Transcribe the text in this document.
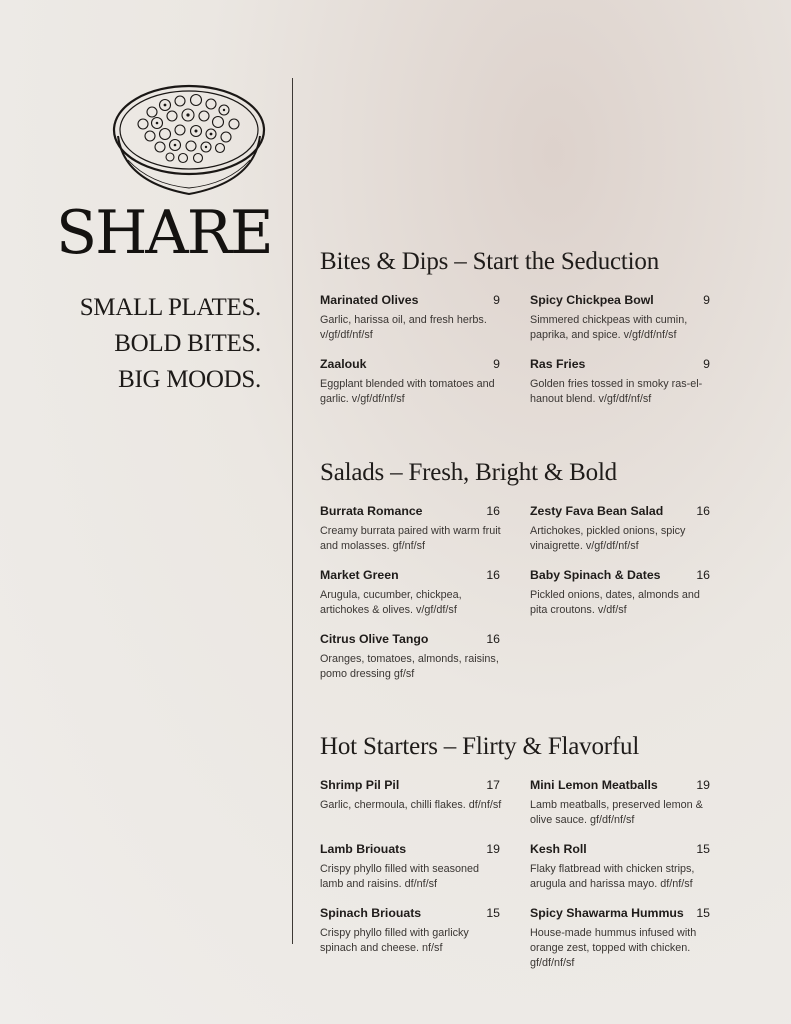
SHARE
SMALL PLATES.
BOLD BITES.
BIG MOODS.
Bites & Dips – Start the Seduction
Marinated Olives	9
Garlic, harissa oil, and fresh herbs. v/gf/df/nf/sf
Spicy Chickpea Bowl	9
Simmered chickpeas with cumin, paprika, and spice. v/gf/df/nf/sf
Zaalouk	9
Eggplant blended with tomatoes and garlic. v/gf/df/nf/sf
Ras Fries	9
Golden fries tossed in smoky ras-el-hanout blend. v/gf/df/nf/sf
Salads – Fresh, Bright & Bold
Burrata Romance	16
Creamy burrata paired with warm fruit and molasses. gf/nf/sf
Zesty Fava Bean Salad	16
Artichokes, pickled onions, spicy vinaigrette. v/gf/df/nf/sf
Market Green	16
Arugula, cucumber, chickpea, artichokes & olives. v/gf/df/sf
Baby Spinach & Dates	16
Pickled onions, dates, almonds and pita croutons. v/df/sf
Citrus Olive Tango	16
Oranges, tomatoes, almonds, raisins, pomo dressing gf/sf
Hot Starters – Flirty & Flavorful
Shrimp Pil Pil	17
Garlic, chermoula, chilli flakes. df/nf/sf
Mini Lemon Meatballs	19
Lamb meatballs, preserved lemon & olive sauce. gf/df/nf/sf
Lamb Briouats	19
Crispy phyllo filled with seasoned lamb and raisins. df/nf/sf
Kesh Roll	15
Flaky flatbread with chicken strips, arugula and harissa mayo. df/nf/sf
Spinach Briouats	15
Crispy phyllo filled with garlicky spinach and cheese. nf/sf
Spicy Shawarma Hummus 15
House-made hummus infused with orange zest, topped with chicken. gf/df/nf/sf
